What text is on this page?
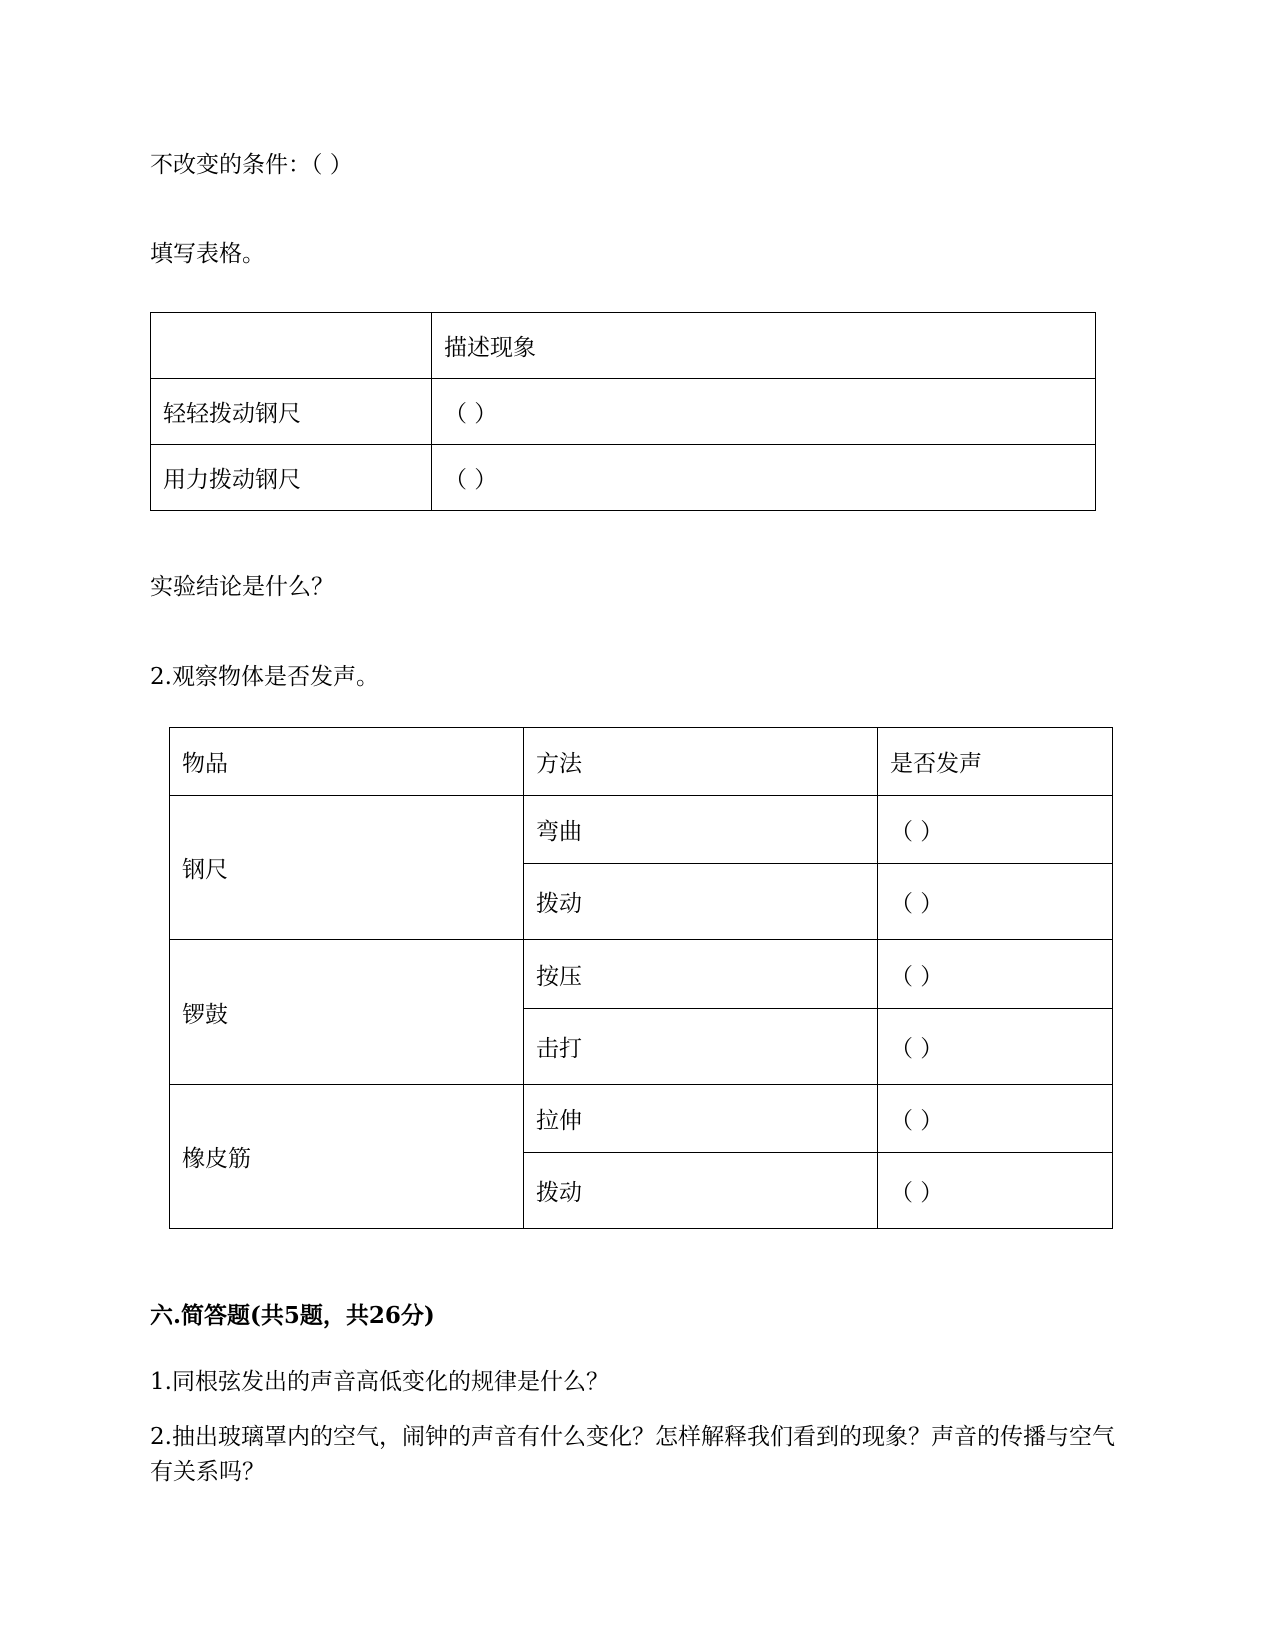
不改变的条件：（ ）
填写表格。
	描述现象
轻轻拨动钢尺	（ ）
用力拨动钢尺	（ ）
实验结论是什么？
2.观察物体是否发声。
物品	方法	是否发声
钢尺	弯曲	（ ）
	拨动	（ ）
锣鼓	按压	（ ）
	击打	（ ）
橡皮筋	拉伸	（ ）
	拨动	（ ）
六.简答题(共5题，共26分)
1.同根弦发出的声音高低变化的规律是什么？
2.抽出玻璃罩内的空气，闹钟的声音有什么变化？怎样解释我们看到的现象？声音的传播与空气有关系吗？
